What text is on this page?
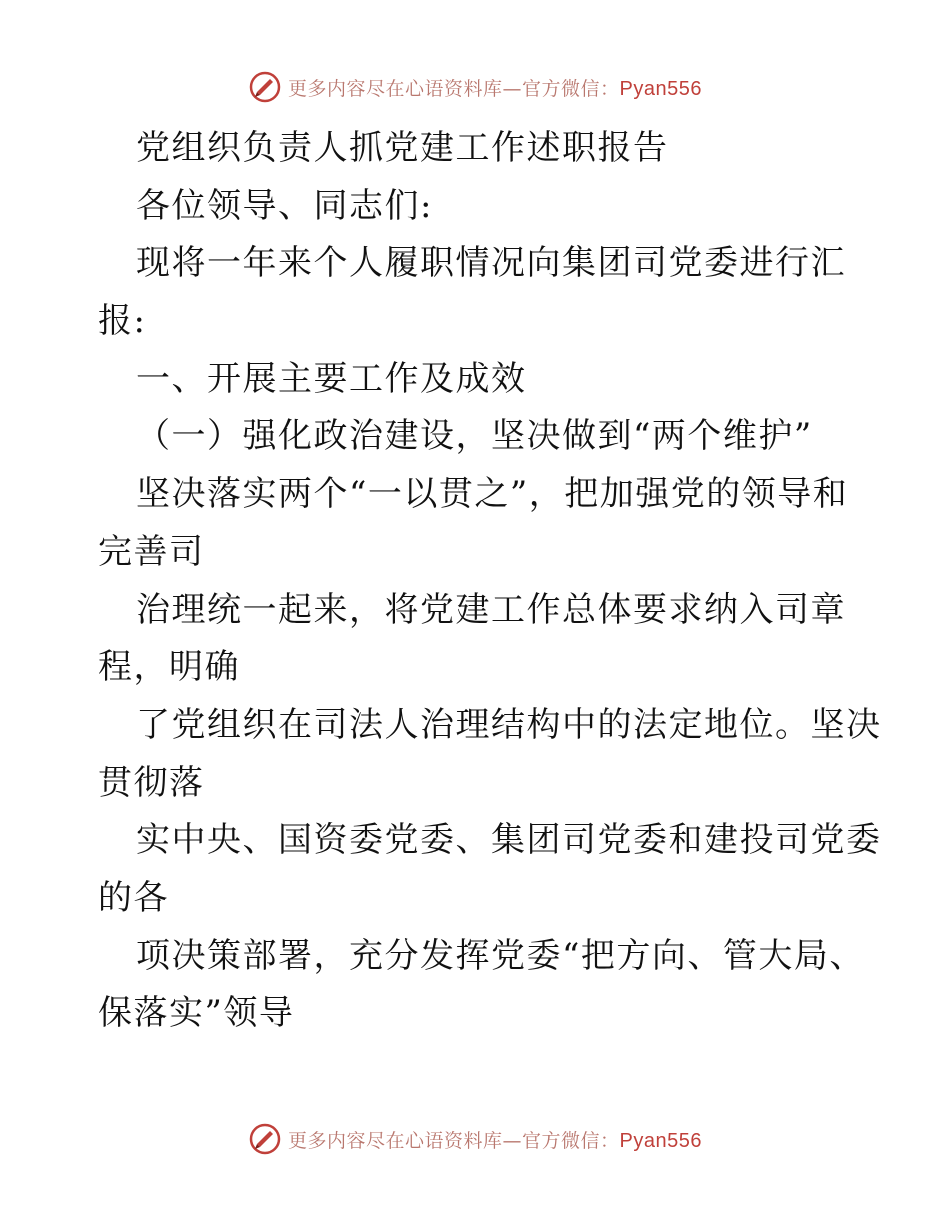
更多内容尽在心语资料库—官方微信：Pyan556
党组织负责人抓党建工作述职报告
各位领导、同志们:
现将一年来个人履职情况向集团司党委进行汇
报:
一、开展主要工作及成效
（一）强化政治建设，坚决做到“两个维护”
坚决落实两个“一以贯之”，把加强党的领导和
完善司
治理统一起来，将党建工作总体要求纳入司章
程，明确
了党组织在司法人治理结构中的法定地位。坚决
贯彻落
实中央、国资委党委、集团司党委和建投司党委
的各
项决策部署，充分发挥党委“把方向、管大局、
保落实”领导
更多内容尽在心语资料库—官方微信：Pyan556
